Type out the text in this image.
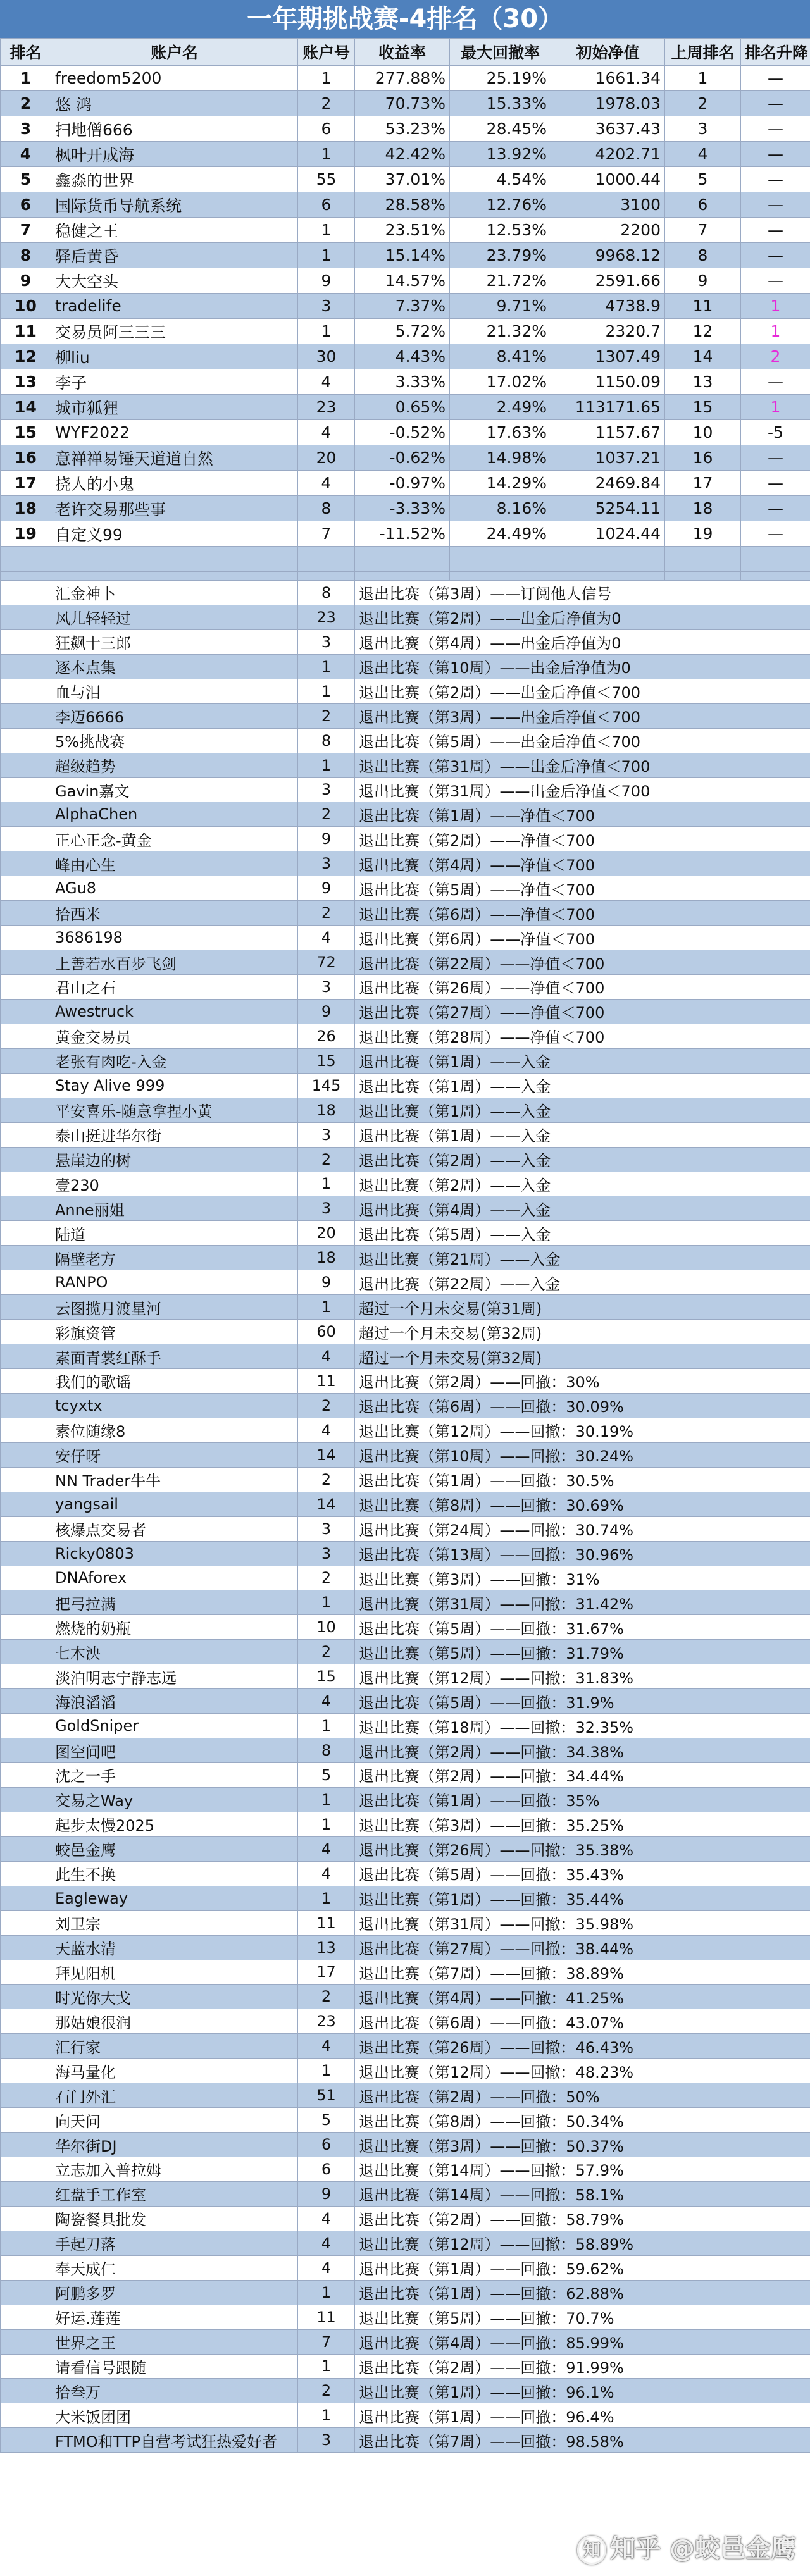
一年期挑战赛-4排名（30）
排名	账户名	账户号	收益率	最大回撤率	初始净值	上周排名	排名升降
1	freedom5200	1	277.88%	25.19%	1661.34	1	—
2	悠 鸿	2	70.73%	15.33%	1978.03	2	—
3	扫地僧666	6	53.23%	28.45%	3637.43	3	—
4	枫叶开成海	1	42.42%	13.92%	4202.71	4	—
5	鑫淼的世界	55	37.01%	4.54%	1000.44	5	—
6	国际货币导航系统	6	28.58%	12.76%	3100	6	—
7	稳健之王	1	23.51%	12.53%	2200	7	—
8	驿后黄昏	1	15.14%	23.79%	9968.12	8	—
9	大大空头	9	14.57%	21.72%	2591.66	9	—
10	tradelife	3	7.37%	9.71%	4738.9	11	1
11	交易员阿三三三	1	5.72%	21.32%	2320.7	12	1
12	柳liu	30	4.43%	8.41%	1307.49	14	2
13	李子	4	3.33%	17.02%	1150.09	13	—
14	城市狐狸	23	0.65%	2.49%	113171.65	15	1
15	WYF2022	4	-0.52%	17.63%	1157.67	10	-5
16	意禅禅易锤天道道自然	20	-0.62%	14.98%	1037.21	16	—
17	挠人的小鬼	4	-0.97%	14.29%	2469.84	17	—
18	老许交易那些事	8	-3.33%	8.16%	5254.11	18	—
19	自定义99	7	-11.52%	24.49%	1024.44	19	—

	汇金神卜	8	退出比赛（第3周）——订阅他人信号
	风儿轻轻过	23	退出比赛（第2周）——出金后净值为0
	狂飙十三郎	3	退出比赛（第4周）——出金后净值为0
	逐本点集	1	退出比赛（第10周）——出金后净值为0
	血与泪	1	退出比赛（第2周）——出金后净值＜700
	李迈6666	2	退出比赛（第3周）——出金后净值＜700
	5%挑战赛	8	退出比赛（第5周）——出金后净值＜700
	超级趋势	1	退出比赛（第31周）——出金后净值＜700
	Gavin嘉文	3	退出比赛（第31周）——出金后净值＜700
	AlphaChen	2	退出比赛（第1周）——净值＜700
	正心正念-黄金	9	退出比赛（第2周）——净值＜700
	峰由心生	3	退出比赛（第4周）——净值＜700
	AGu8	9	退出比赛（第5周）——净值＜700
	拾西米	2	退出比赛（第6周）——净值＜700
	3686198	4	退出比赛（第6周）——净值＜700
	上善若水百步飞剑	72	退出比赛（第22周）——净值＜700
	君山之石	3	退出比赛（第26周）——净值＜700
	Awestruck	9	退出比赛（第27周）——净值＜700
	黄金交易员	26	退出比赛（第28周）——净值＜700
	老张有肉吃-入金	15	退出比赛（第1周）——入金
	Stay Alive 999	145	退出比赛（第1周）——入金
	平安喜乐-随意拿捏小黄	18	退出比赛（第1周）——入金
	泰山挺进华尔街	3	退出比赛（第1周）——入金
	悬崖边的树	2	退出比赛（第2周）——入金
	壹230	1	退出比赛（第2周）——入金
	Anne丽姐	3	退出比赛（第4周）——入金
	陆道	20	退出比赛（第5周）——入金
	隔壁老方	18	退出比赛（第21周）——入金
	RANPO	9	退出比赛（第22周）——入金
	云图揽月渡星河	1	超过一个月未交易(第31周)
	彩旗资管	60	超过一个月未交易(第32周)
	素面青裳红酥手	4	超过一个月未交易(第32周)
	我们的歌谣	11	退出比赛（第2周）——回撤：30%
	tcyxtx	2	退出比赛（第6周）——回撤：30.09%
	素位随缘8	4	退出比赛（第12周）——回撤：30.19%
	安仔呀	14	退出比赛（第10周）——回撤：30.24%
	NN Trader牛牛	2	退出比赛（第1周）——回撤：30.5%
	yangsail	14	退出比赛（第8周）——回撤：30.69%
	核爆点交易者	3	退出比赛（第24周）——回撤：30.74%
	Ricky0803	3	退出比赛（第13周）——回撤：30.96%
	DNAforex	2	退出比赛（第3周）——回撤：31%
	把弓拉满	1	退出比赛（第31周）——回撤：31.42%
	燃烧的奶瓶	10	退出比赛（第5周）——回撤：31.67%
	七木泱	2	退出比赛（第5周）——回撤：31.79%
	淡泊明志宁静志远	15	退出比赛（第12周）——回撤：31.83%
	海浪滔滔	4	退出比赛（第5周）——回撤：31.9%
	GoldSniper	1	退出比赛（第18周）——回撤：32.35%
	图空间吧	8	退出比赛（第2周）——回撤：34.38%
	沈之一手	5	退出比赛（第2周）——回撤：34.44%
	交易之Way	1	退出比赛（第1周）——回撤：35%
	起步太慢2025	1	退出比赛（第3周）——回撤：35.25%
	蛟邑金鹰	4	退出比赛（第26周）——回撤：35.38%
	此生不换	4	退出比赛（第5周）——回撤：35.43%
	Eagleway	1	退出比赛（第1周）——回撤：35.44%
	刘卫宗	11	退出比赛（第31周）——回撤：35.98%
	天蓝水清	13	退出比赛（第27周）——回撤：38.44%
	拜见阳机	17	退出比赛（第7周）——回撤：38.89%
	时光你大戈	2	退出比赛（第4周）——回撤：41.25%
	那姑娘很润	23	退出比赛（第6周）——回撤：43.07%
	汇行家	4	退出比赛（第26周）——回撤：46.43%
	海马量化	1	退出比赛（第12周）——回撤：48.23%
	石门外汇	51	退出比赛（第2周）——回撤：50%
	向天问	5	退出比赛（第8周）——回撤：50.34%
	华尔街DJ	6	退出比赛（第3周）——回撤：50.37%
	立志加入普拉姆	6	退出比赛（第14周）——回撤：57.9%
	红盘手工作室	9	退出比赛（第14周）——回撤：58.1%
	陶瓷餐具批发	4	退出比赛（第2周）——回撤：58.79%
	手起刀落	4	退出比赛（第12周）——回撤：58.89%
	奉天成仁	4	退出比赛（第1周）——回撤：59.62%
	阿鹏多罗	1	退出比赛（第1周）——回撤：62.88%
	好运.莲莲	11	退出比赛（第5周）——回撤：70.7%
	世界之王	7	退出比赛（第4周）——回撤：85.99%
	请看信号跟随	1	退出比赛（第2周）——回撤：91.99%
	拾叁万	2	退出比赛（第1周）——回撤：96.1%
	大米饭团团	1	退出比赛（第1周）——回撤：96.4%
	FTMO和TTP自营考试狂热爱好者	3	退出比赛（第7周）——回撤：98.58%
知 知乎 @蛟邑金鹰
